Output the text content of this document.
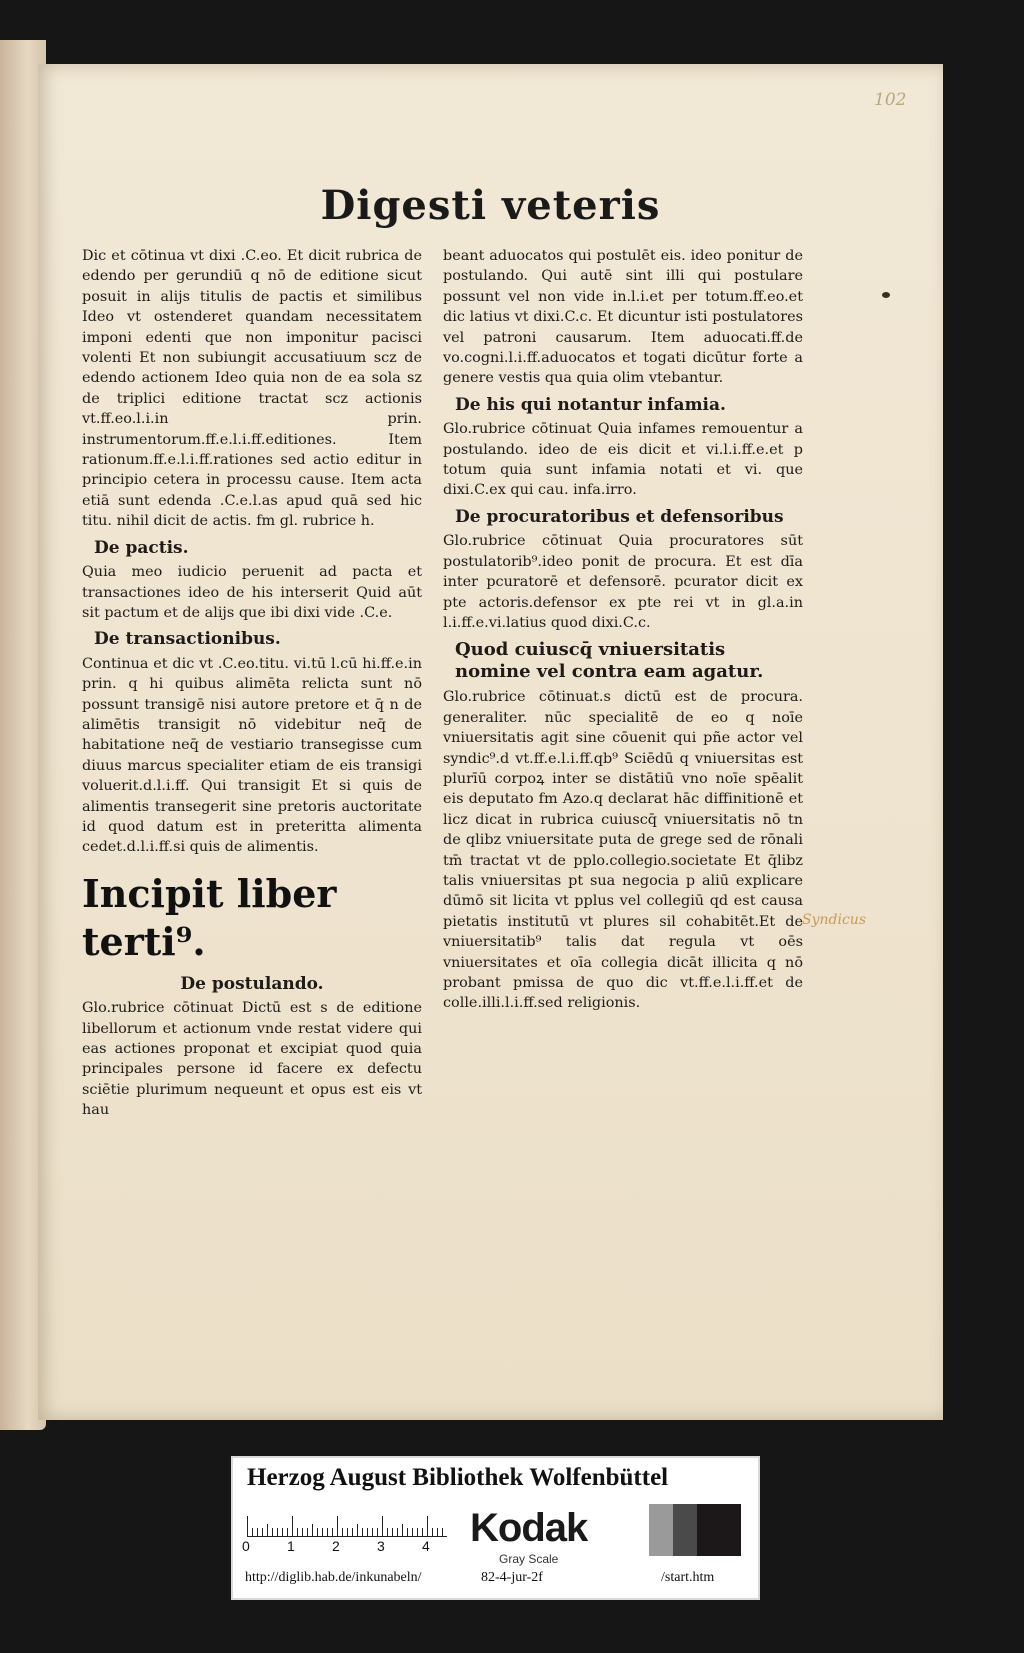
102
Digesti veteris

Dic et cōtinua vt dixi .C.eo. Et dicit rubrica de edendo per gerundiū q nō de editione sicut posuit in alijs titulis de pactis et similibus Ideo vt ostenderet quandam necessitatem imponi edenti que non imponitur pacisci volenti Et non subiungit accusatiuum scz de edendo actionem Ideo quia non de ea sola sz de triplici editione tractat scz actionis vt.ff.eo.l.i.in prin. instrumentorum.ff.e.l.i.ff.editiones. Item rationum.ff.e.l.i.ff.rationes sed actio editur in principio cetera in processu cause. Item acta etiā sunt edenda .C.e.l.as apud quā sed hic titu. nihil dicit de actis. fm gl. rubrice h.

De pactis.

Quia meo iudicio peruenit ad pacta et transactiones ideo de his interserit Quid aūt sit pactum et de alijs que ibi dixi vide .C.e.

De transactionibus.

Continua et dic vt .C.eo.titu. vi.tū l.cū hi.ff.e.in prin. q hi quibus alimēta relicta sunt nō possunt transigē nisi autore pretore et q̄ n de alimētis transigit nō videbitur neq̄ de habitatione neq̄ de vestiario transegisse cum diuus marcus specialiter etiam de eis transigi voluerit.d.l.i.ff. Qui transigit Et si quis de alimentis transegerit sine pretoris auctoritate id quod datum est in preteritta alimenta cedet.d.l.i.ff.si quis de alimentis.

Incipit liber terti⁹.
De postulando.

Glo.rubrice cōtinuat Dictū est s de editione libellorum et actionum vnde restat videre qui eas actiones proponat et excipiat quod quia principales persone id facere ex defectu sciētie plurimum nequeunt et opus est eis vt hau

beant aduocatos qui postulēt eis. ideo ponitur de postulando. Qui autē sint illi qui postulare possunt vel non vide in.l.i.et per totum.ff.eo.et dic latius vt dixi.C.c. Et dicuntur isti postulatores vel patroni causarum. Item aduocati.ff.de vo.cogni.l.i.ff.aduocatos et togati dicūtur forte a genere vestis qua quia olim vtebantur.

De his qui notantur infamia.

Glo.rubrice cōtinuat Quia infames remouentur a postulando. ideo de eis dicit et vi.l.i.ff.e.et p totum quia sunt infamia notati et vi. que dixi.C.ex qui cau. infa.irro.

De procuratoribus et defensoribus

Glo.rubrice cōtinuat Quia procuratores sūt postulatorib⁹.ideo ponit de procura. Et est dīa inter pcuratorē et defensorē. pcurator dicit ex pte actoris.defensor ex pte rei vt in gl.a.in l.i.ff.e.vi.latius quod dixi.C.c.

Quod cuiuscq̄ vniuersitatis nomine vel contra eam agatur.

Glo.rubrice cōtinuat.s dictū est de procura. generaliter. nūc specialitē de eo q noīe vniuersitatis agit sine cōuenit qui pñe actor vel syndic⁹.d vt.ff.e.l.i.ff.qb⁹ Sciēdū q vniuersitas est plurīū corpoꝝ inter se distātiū vno noīe spēalit eis deputato fm Azo.q declarat hāc diffinitionē et licz dicat in rubrica cuiuscq̄ vniuersitatis nō tn de qlibz vniuersitate puta de grege sed de rōnali tm̄ tractat vt de pplo.collegio.societate Et q̄libz talis vniuersitas pt sua negocia p aliū explicare dūmō sit licita vt pplus vel collegiū qd est causa pietatis institutū vt plures sil cohabitēt.Et de vniuersitatib⁹ talis dat regula vt oēs vniuersitates et oīa collegia dicāt illicita q nō probant pmissa de quo dic vt.ff.e.l.i.ff.et de colle.illi.l.i.ff.sed religionis.

Syndicus
Herzog August Bibliothek Wolfenbüttel
0	1	2	3	4 Kodak
Gray Scale
http://diglib.hab.de/inkunabeln/	82-4-jur-2f	/start.htm
